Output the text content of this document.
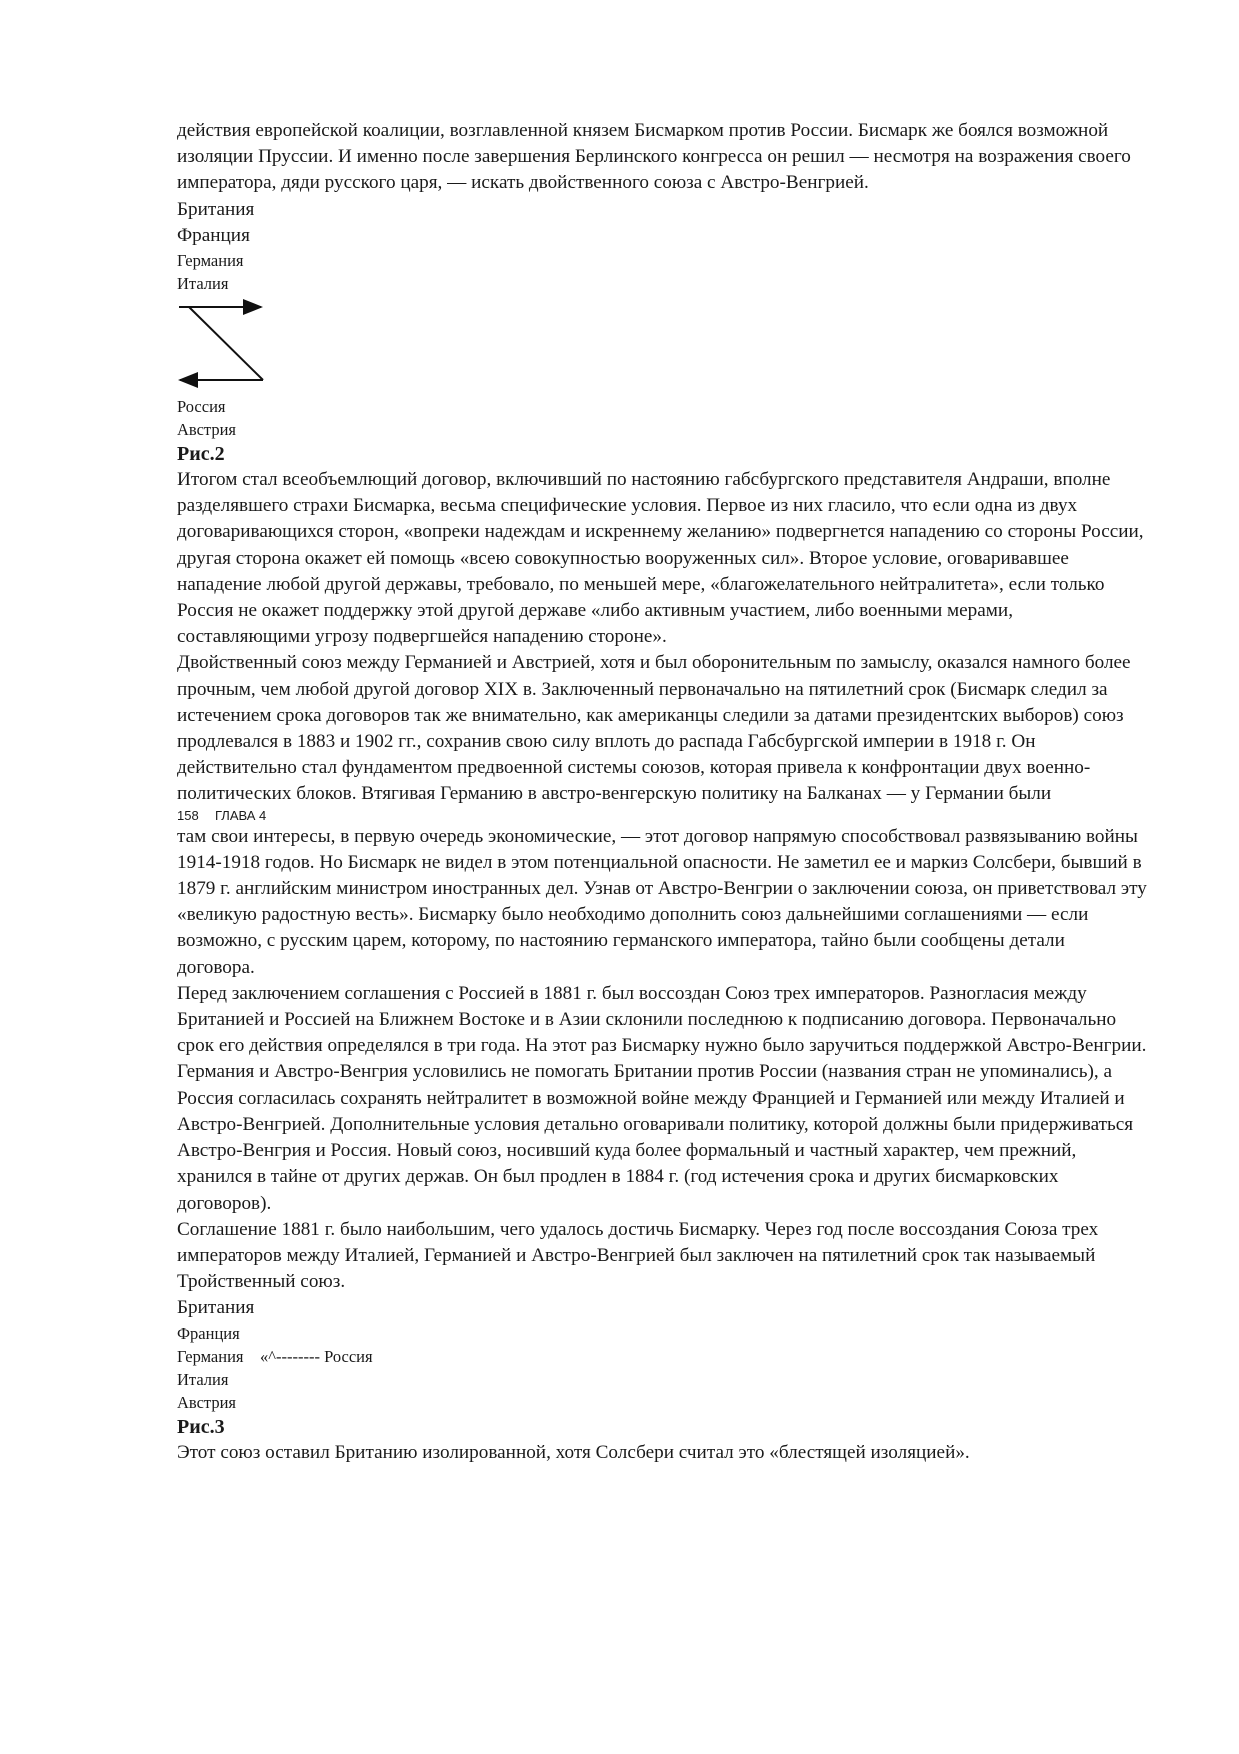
действия европейской коалиции, возглавленной князем Бисмарком против России. Бисмарк же боялся возможной изоляции Пруссии. И именно после завершения Берлинского конгресса он решил — несмотря на возражения своего императора, дяди русского царя, — искать двойственного союза с Австро-Венгрией.

Британия

Франция

Германия

Италия

Россия

Австрия

Рис.2

Итогом стал всеобъемлющий договор, включивший по настоянию габсбургского представителя Андраши, вполне разделявшего страхи Бисмарка, весьма специфические условия. Первое из них гласило, что если одна из двух договаривающихся сторон, «вопреки надеждам и искреннему желанию» подвергнется нападению со стороны России, другая сторона окажет ей помощь «всею совокупностью вооруженных сил». Второе условие, оговаривавшее нападение любой другой державы, требовало, по меньшей мере, «благожелательного нейтралитета», если только Россия не окажет поддержку этой другой державе «либо активным участием, либо военными мерами, составляющими угрозу подвергшейся нападению стороне».

Двойственный союз между Германией и Австрией, хотя и был оборонительным по замыслу, оказался намного более прочным, чем любой другой договор XIX в. Заключенный первоначально на пятилетний срок (Бисмарк следил за истечением срока договоров так же внимательно, как американцы следили за датами президентских выборов) союз продлевался в 1883 и 1902 гг., сохранив свою силу вплоть до распада Габсбургской империи в 1918 г. Он действительно стал фундаментом предвоенной системы союзов, которая привела к конфронтации двух военно-политических блоков. Втягивая Германию в австро-венгерскую политику на Балканах — у Германии были

158 ГЛАВА 4

там свои интересы, в первую очередь экономические, — этот договор напрямую способствовал развязыванию войны 1914-1918 годов. Но Бисмарк не видел в этом потенциальной опасности. Не заметил ее и маркиз Солсбери, бывший в 1879 г. английским министром иностранных дел. Узнав от Австро-Венгрии о заключении союза, он приветствовал эту «великую радостную весть». Бисмарку было необходимо дополнить союз дальнейшими соглашениями — если возможно, с русским царем, которому, по настоянию германского императора, тайно были сообщены детали договора.

Перед заключением соглашения с Россией в 1881 г. был воссоздан Союз трех императоров. Разногласия между Британией и Россией на Ближнем Востоке и в Азии склонили последнюю к подписанию договора. Первоначально срок его действия определялся в три года. На этот раз Бисмарку нужно было заручиться поддержкой Австро-Венгрии. Германия и Австро-Венгрия условились не помогать Британии против России (названия стран не упоминались), а Россия согласилась сохранять нейтралитет в возможной войне между Францией и Германией или между Италией и Австро-Венгрией. Дополнительные условия детально оговаривали политику, которой должны были придерживаться Австро-Венгрия и Россия. Новый союз, носивший куда более формальный и частный характер, чем прежний, хранился в тайне от других держав. Он был продлен в 1884 г. (год истечения срока и других бисмарковских договоров).

Соглашение 1881 г. было наибольшим, чего удалось достичь Бисмарку. Через год после воссоздания Союза трех императоров между Италией, Германией и Австро-Венгрией был заключен на пятилетний срок так называемый Тройственный союз.

Британия

Франция

Германия «^-------- Россия

Италия

Австрия

Рис.3

Этот союз оставил Британию изолированной, хотя Солсбери считал это «блестящей изоляцией».
